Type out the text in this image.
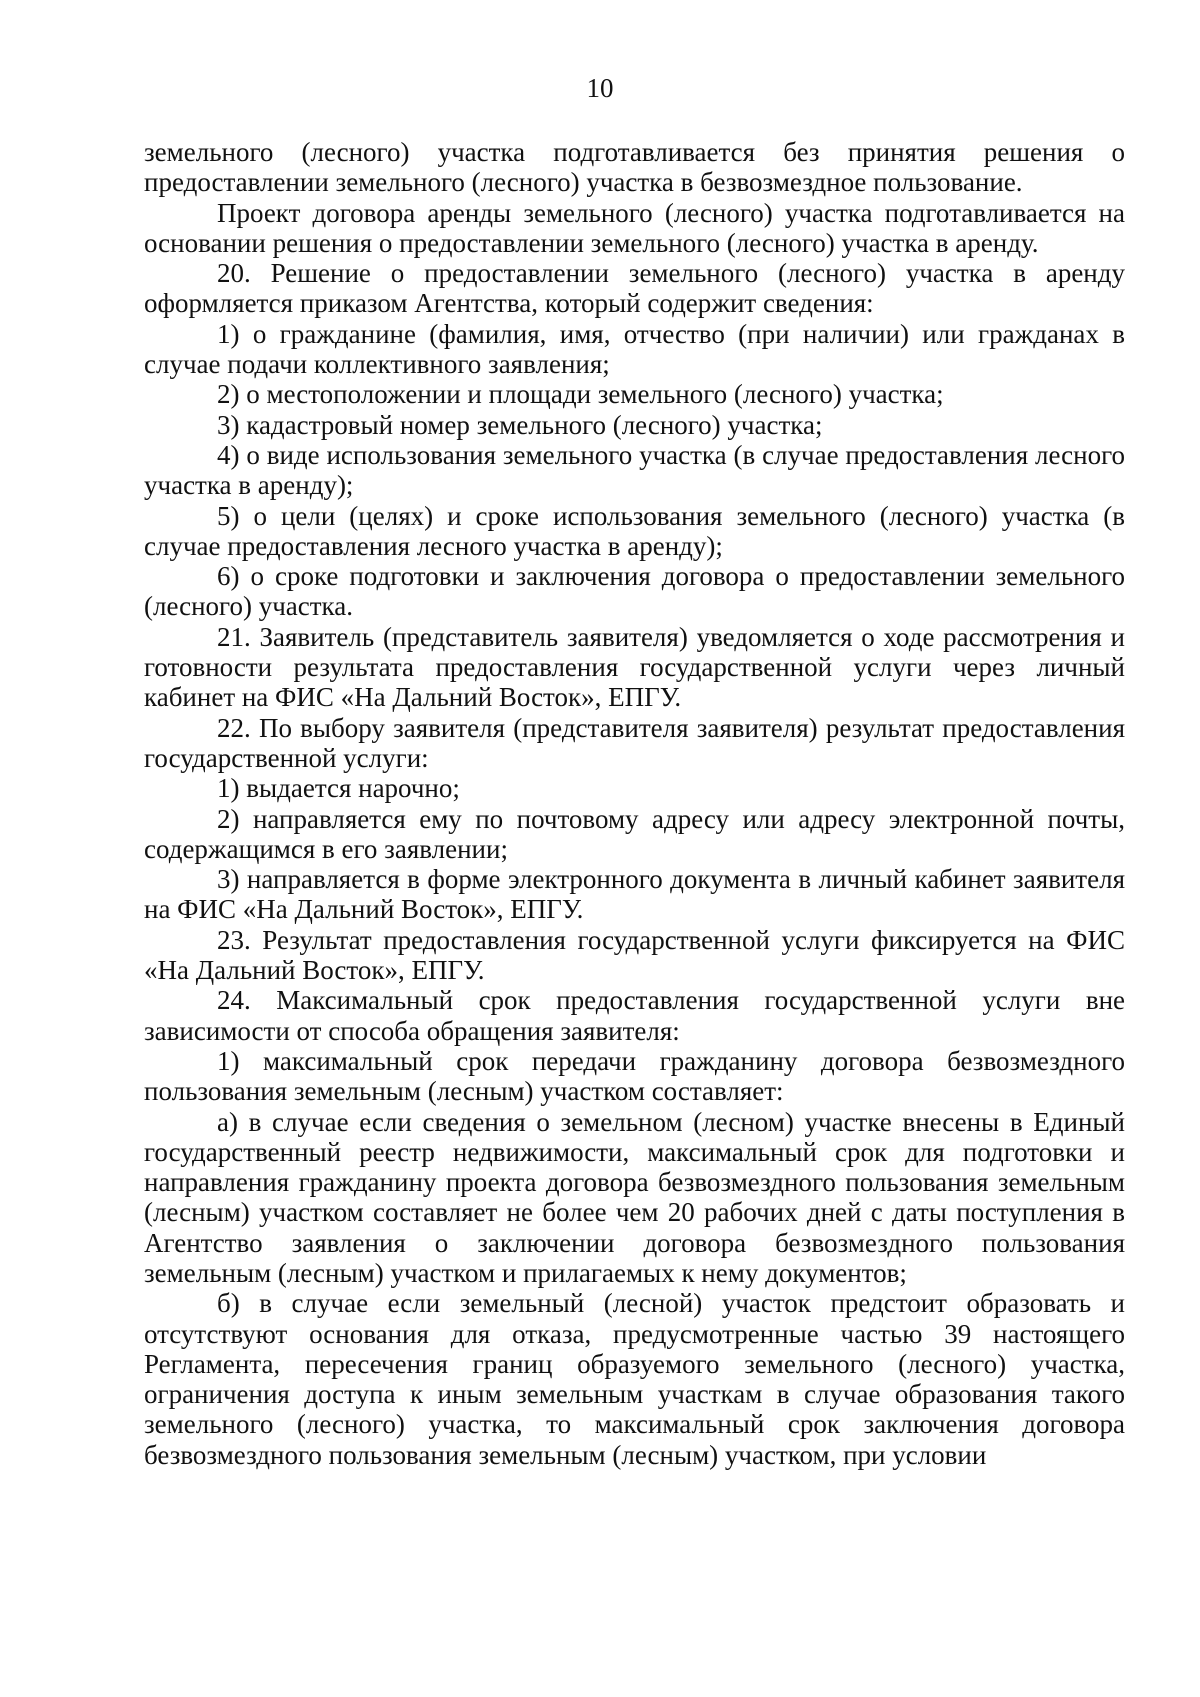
10

земельного (лесного) участка подготавливается без принятия решения о предоставлении земельного (лесного) участка в безвозмездное пользование.

Проект договора аренды земельного (лесного) участка подготавливается на основании решения о предоставлении земельного (лесного) участка в аренду.

20. Решение о предоставлении земельного (лесного) участка в аренду оформляется приказом Агентства, который содержит сведения:

1) о гражданине (фамилия, имя, отчество (при наличии) или гражданах в случае подачи коллективного заявления;

2) о местоположении и площади земельного (лесного) участка;

3) кадастровый номер земельного (лесного) участка;

4) о виде использования земельного участка (в случае предоставления лесного участка в аренду);

5) о цели (целях) и сроке использования земельного (лесного) участка (в случае предоставления лесного участка в аренду);

6) о сроке подготовки и заключения договора о предоставлении земельного (лесного) участка.

21. Заявитель (представитель заявителя) уведомляется о ходе рассмотрения и готовности результата предоставления государственной услуги через личный кабинет на ФИС «На Дальний Восток», ЕПГУ.

22. По выбору заявителя (представителя заявителя) результат предоставления государственной услуги:

1) выдается нарочно;

2) направляется ему по почтовому адресу или адресу электронной почты, содержащимся в его заявлении;

3) направляется в форме электронного документа в личный кабинет заявителя на ФИС «На Дальний Восток», ЕПГУ.

23. Результат предоставления государственной услуги фиксируется на ФИС «На Дальний Восток», ЕПГУ.

24. Максимальный срок предоставления государственной услуги вне зависимости от способа обращения заявителя:

1) максимальный срок передачи гражданину договора безвозмездного пользования земельным (лесным) участком составляет:

а) в случае если сведения о земельном (лесном) участке внесены в Единый государственный реестр недвижимости, максимальный срок для подготовки и направления гражданину проекта договора безвозмездного пользования земельным (лесным) участком составляет не более чем 20 рабочих дней с даты поступления в Агентство заявления о заключении договора безвозмездного пользования земельным (лесным) участком и прилагаемых к нему документов;

б) в случае если земельный (лесной) участок предстоит образовать и отсутствуют основания для отказа, предусмотренные частью 39 настоящего Регламента, пересечения границ образуемого земельного (лесного) участка, ограничения доступа к иным земельным участкам в случае образования такого земельного (лесного) участка, то максимальный срок заключения договора безвозмездного пользования земельным (лесным) участком, при условии
